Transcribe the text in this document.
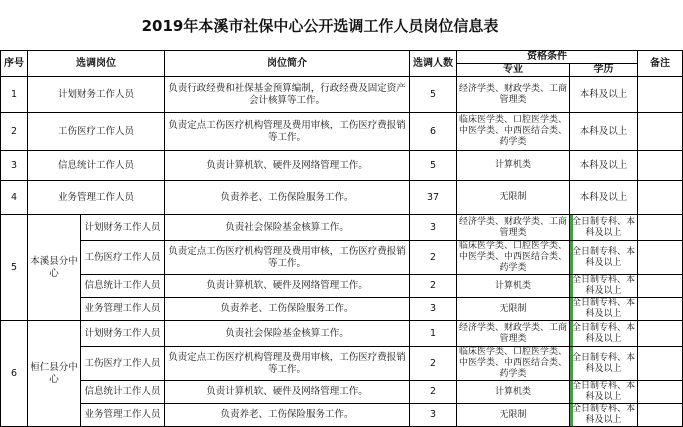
2019年本溪市社保中心公开选调工作人员岗位信息表
序号	选调岗位		岗位简介	选调人数	资格条件		备注
					专业	学历	
1	计划财务工作人员		负责行政经费和社保基金预算编制，行政经费及固定资产会计核算等工作。	5	经济学类、财政学类、工商管理类	本科及以上	
2	工伤医疗工作人员		负责定点工伤医疗机构管理及费用审核，工伤医疗费报销等工作。	6	临床医学类、口腔医学类、中医学类、中西医结合类、药学类	本科及以上	
3	信息统计工作人员		负责计算机软、硬件及网络管理工作。	5	计算机类	本科及以上	
4	业务管理工作人员		负责养老、工伤保险服务工作。	37	无限制	本科及以上	
5	本溪县分中心	计划财务工作人员	负责社会保险基金核算工作。	3	经济学类、财政学类、工商管理类	全日制专科、本科及以上	
		工伤医疗工作人员	负责定点工伤医疗机构管理及费用审核，工伤医疗费报销等工作。	2	临床医学类、口腔医学类、中医学类、中西医结合类、药学类	全日制专科、本科及以上	
		信息统计工作人员	负责计算机软、硬件及网络管理工作。	2	计算机类	全日制专科、本科及以上	
		业务管理工作人员	负责养老、工伤保险服务工作。	3	无限制	全日制专科、本科及以上	
6	桓仁县分中心	计划财务工作人员	负责社会保险基金核算工作。	1	经济学类、财政学类、工商管理类	全日制专科、本科及以上	
		工伤医疗工作人员	负责定点工伤医疗机构管理及费用审核，工伤医疗费报销等工作。	2	临床医学类、口腔医学类、中医学类、中西医结合类、药学类	全日制专科、本科及以上	
		信息统计工作人员	负责计算机软、硬件及网络管理工作。	2	计算机类	全日制专科、本科及以上	
		业务管理工作人员	负责养老、工伤保险服务工作。	3	无限制	全日制专科、本科及以上	
